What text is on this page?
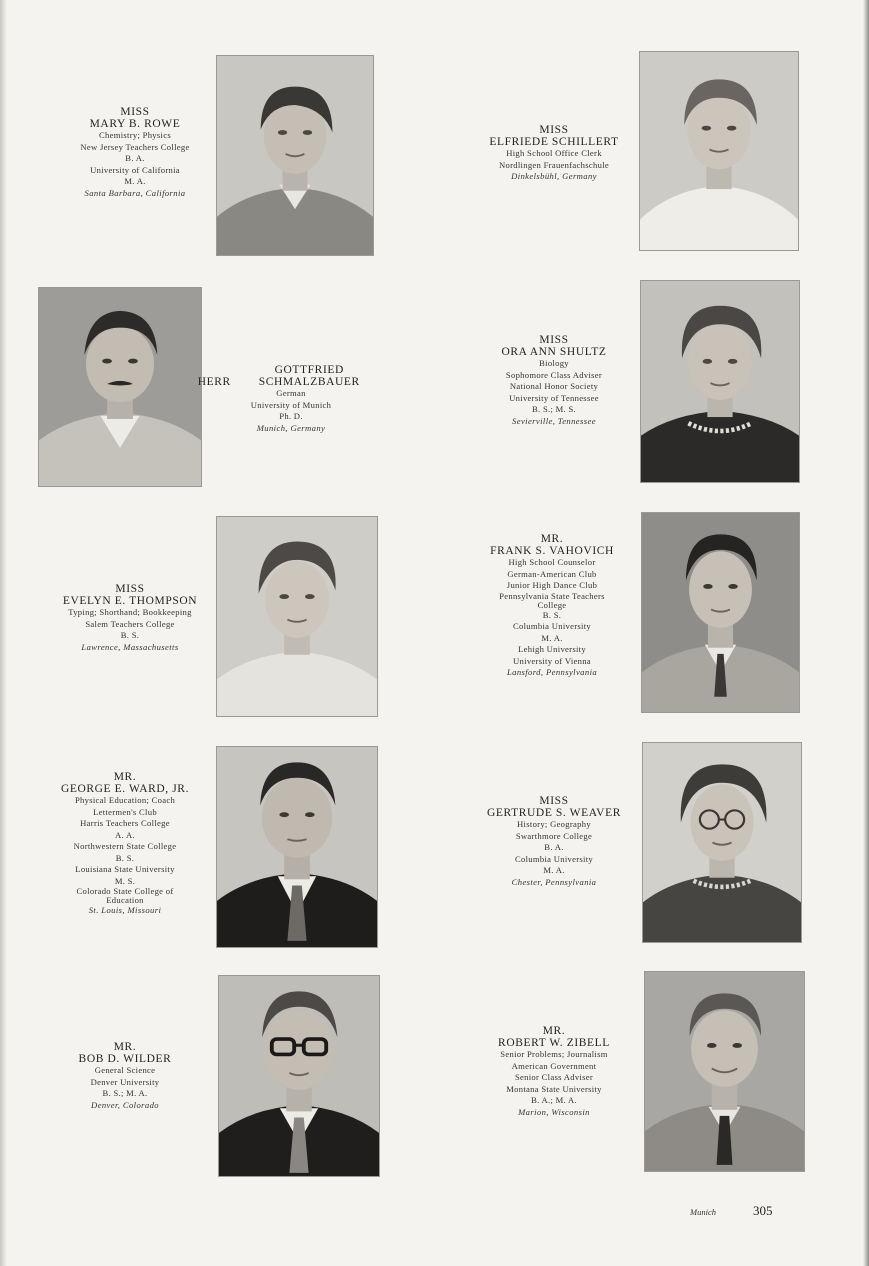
MISS
MARY B. ROWE
Chemistry; Physics
New Jersey Teachers College
B. A.
University of California
M. A.
Santa Barbara, California
MISS
ELFRIEDE SCHILLERT
High School Office Clerk
Nordlingen Frauenfachschule
Dinkelsbühl, Germany
HERR GOTTFRIED SCHMALZBAUER
German
University of Munich
Ph. D.
Munich, Germany
MISS
ORA ANN SHULTZ
Biology
Sophomore Class Adviser
National Honor Society
University of Tennessee
B. S.; M. S.
Sevierville, Tennessee
MISS
EVELYN E. THOMPSON
Typing; Shorthand; Bookkeeping
Salem Teachers College
B. S.
Lawrence, Massachusetts
MR.
FRANK S. VAHOVICH
High School Counselor
German-American Club
Junior High Dance Club
Pennsylvania State Teachers
College
B. S.
Columbia University
M. A.
Lehigh University
University of Vienna
Lansford, Pennsylvania
MR.
GEORGE E. WARD, JR.
Physical Education; Coach
Lettermen's Club
Harris Teachers College
A. A.
Northwestern State College
B. S.
Louisiana State University
M. S.
Colorado State College of
Education
St. Louis, Missouri
MISS
GERTRUDE S. WEAVER
History; Geography
Swarthmore College
B. A.
Columbia University
M. A.
Chester, Pennsylvania
MR.
BOB D. WILDER
General Science
Denver University
B. S.; M. A.
Denver, Colorado
MR.
ROBERT W. ZIBELL
Senior Problems; Journalism
American Government
Senior Class Adviser
Montana State University
B. A.; M. A.
Marion, Wisconsin
Munich	305
